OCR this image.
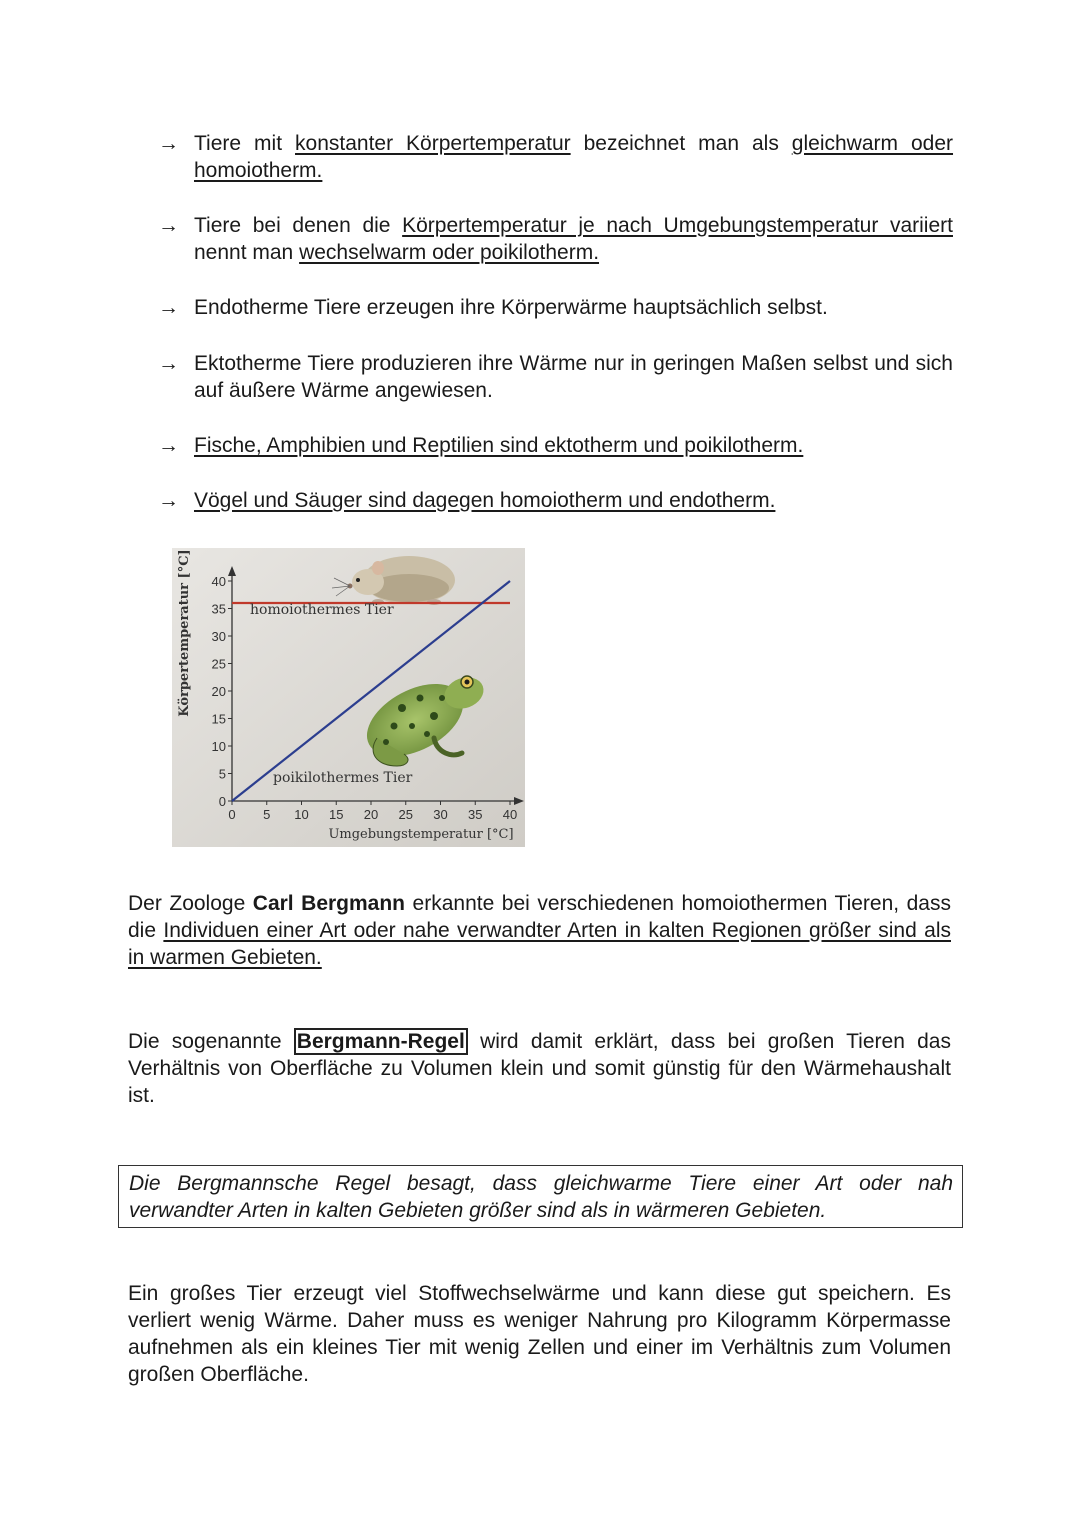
→ Tiere mit konstanter Körpertemperatur bezeichnet man als gleichwarm oder homoiotherm.
→ Tiere bei denen die Körpertemperatur je nach Umgebungstemperatur variiert nennt man wechselwarm oder poikilotherm.
→ Endotherme Tiere erzeugen ihre Körperwärme hauptsächlich selbst.
→ Ektotherme Tiere produzieren ihre Wärme nur in geringen Maßen selbst und sich auf äußere Wärme angewiesen.
→ Fische, Amphibien und Reptilien sind ektotherm und poikilotherm.
→ Vögel und Säuger sind dagegen homoiotherm und endotherm.
Körpertemperatur [°C]
0
5
10
15
20
25
30
35
40
0 5 10 15 20 25 30 35 40
homoiothermes Tier
poikilothermes Tier
Umgebungstemperatur [°C]
Der Zoologe Carl Bergmann erkannte bei verschiedenen homoiothermen Tieren, dass die Individuen einer Art oder nahe verwandter Arten in kalten Regionen größer sind als in warmen Gebieten.
Die sogenannte Bergmann-Regel wird damit erklärt, dass bei großen Tieren das Verhältnis von Oberfläche zu Volumen klein und somit günstig für den Wärmehaushalt ist.
Die Bergmannsche Regel besagt, dass gleichwarme Tiere einer Art oder nah verwandter Arten in kalten Gebieten größer sind als in wärmeren Gebieten.
Ein großes Tier erzeugt viel Stoffwechselwärme und kann diese gut speichern. Es verliert wenig Wärme. Daher muss es weniger Nahrung pro Kilogramm Körpermasse aufnehmen als ein kleines Tier mit wenig Zellen und einer im Verhältnis zum Volumen großen Oberfläche.
